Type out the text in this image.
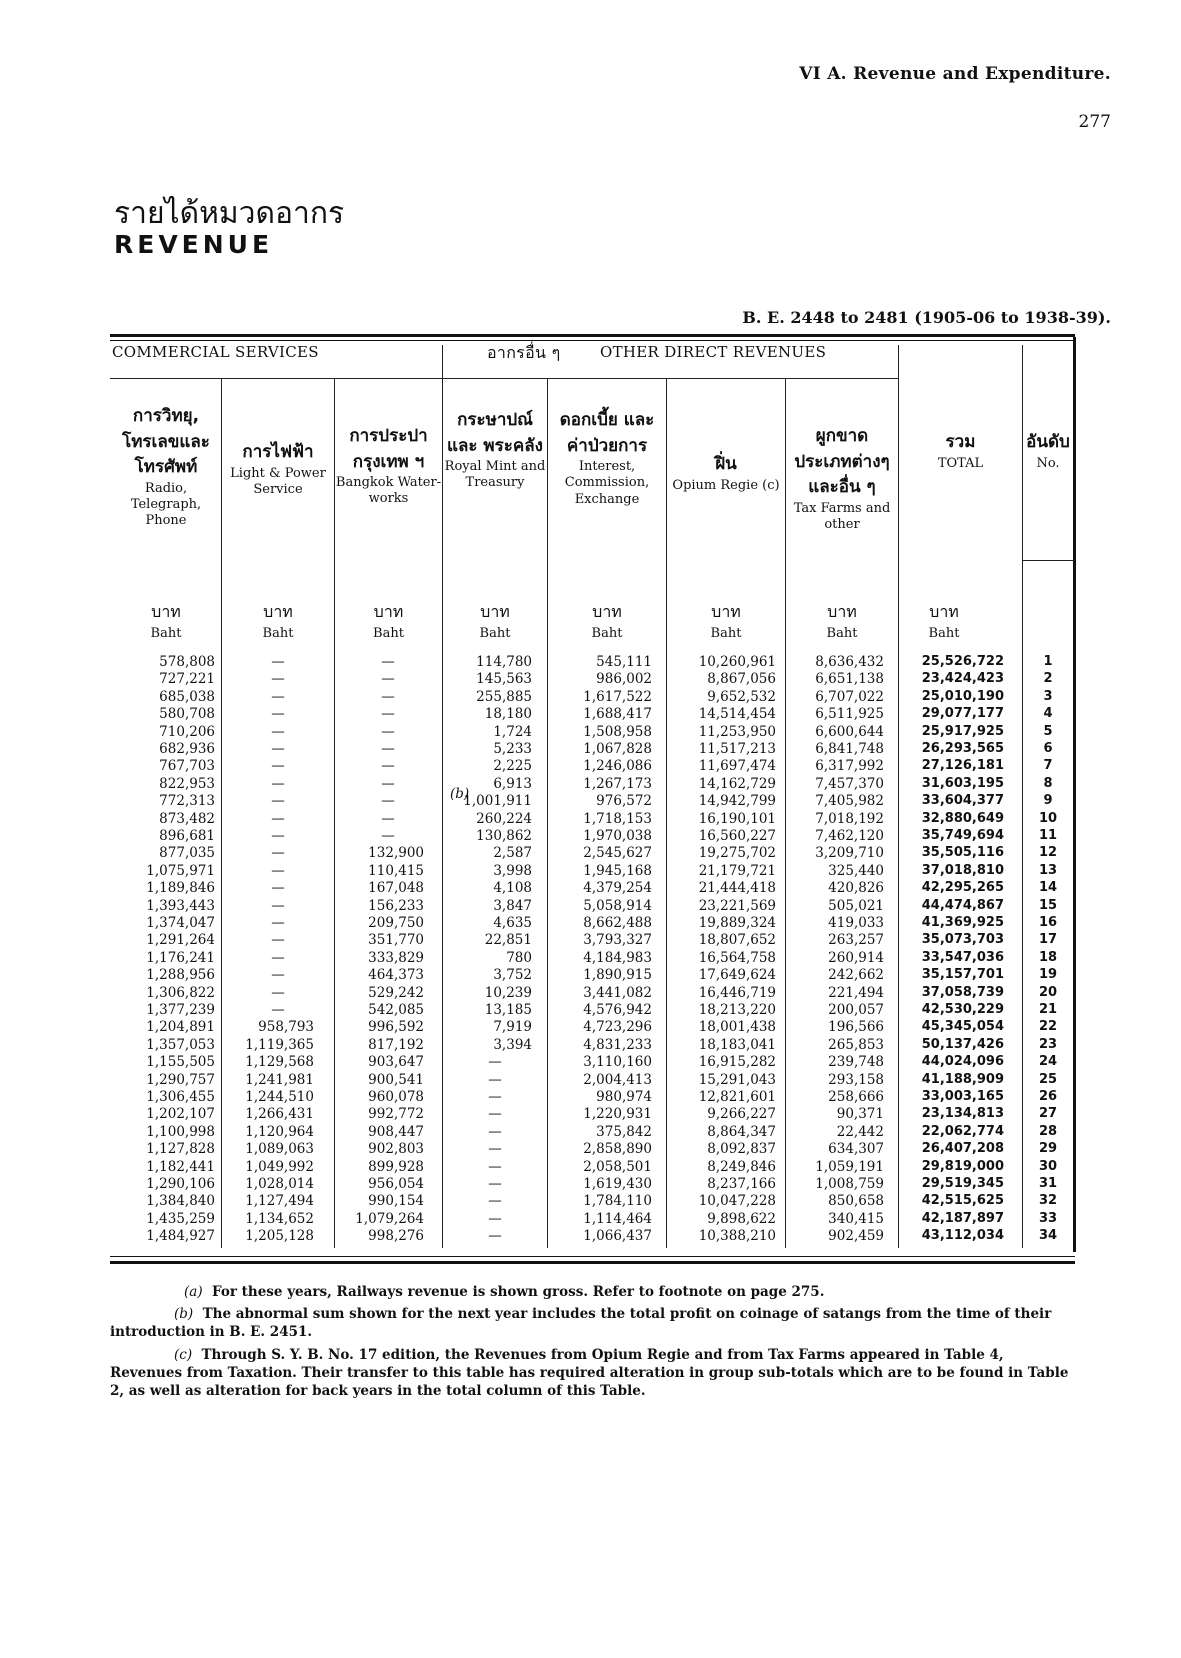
VI A. Revenue and Expenditure.
277
รายได้หมวดอากร
REVENUE
B. E. 2448 to 2481 (1905-06 to 1938-39).
COMMERCIAL SERVICES	อากรอื่น ๆ	OTHER DIRECT REVENUES
การวิทยุ, โทรเลขและ โทรศัพท์
Radio, Telegraph, Phone
การไฟฟ้า
Light & Power Service
การประปา กรุงเทพ ฯ
Bangkok Water-works
กระษาปณ์ และ พระคลัง
Royal Mint and Treasury
ดอกเบี้ย และ ค่าป่วยการ
Interest, Commission, Exchange
ฝิ่น
Opium Regie (c)
ผูกขาด ประเภทต่างๆ และอื่น ๆ
Tax Farms and other
รวม
TOTAL
อันดับ
No.
บาท
Baht
บาท
Baht
บาท
Baht
บาท
Baht
บาท
Baht
บาท
Baht
บาท
Baht
บาท
Baht
(b)
578,808	—	—	114,780	545,111	10,260,961	8,636,432	25,526,722	1
727,221	—	—	145,563	986,002	8,867,056	6,651,138	23,424,423	2
685,038	—	—	255,885	1,617,522	9,652,532	6,707,022	25,010,190	3
580,708	—	—	18,180	1,688,417	14,514,454	6,511,925	29,077,177	4
710,206	—	—	1,724	1,508,958	11,253,950	6,600,644	25,917,925	5
682,936	—	—	5,233	1,067,828	11,517,213	6,841,748	26,293,565	6
767,703	—	—	2,225	1,246,086	11,697,474	6,317,992	27,126,181	7
822,953	—	—	6,913	1,267,173	14,162,729	7,457,370	31,603,195	8
772,313	—	—	1,001,911	976,572	14,942,799	7,405,982	33,604,377	9
873,482	—	—	260,224	1,718,153	16,190,101	7,018,192	32,880,649	10
896,681	—	—	130,862	1,970,038	16,560,227	7,462,120	35,749,694	11
877,035	—	132,900	2,587	2,545,627	19,275,702	3,209,710	35,505,116	12
1,075,971	—	110,415	3,998	1,945,168	21,179,721	325,440	37,018,810	13
1,189,846	—	167,048	4,108	4,379,254	21,444,418	420,826	42,295,265	14
1,393,443	—	156,233	3,847	5,058,914	23,221,569	505,021	44,474,867	15
1,374,047	—	209,750	4,635	8,662,488	19,889,324	419,033	41,369,925	16
1,291,264	—	351,770	22,851	3,793,327	18,807,652	263,257	35,073,703	17
1,176,241	—	333,829	780	4,184,983	16,564,758	260,914	33,547,036	18
1,288,956	—	464,373	3,752	1,890,915	17,649,624	242,662	35,157,701	19
1,306,822	—	529,242	10,239	3,441,082	16,446,719	221,494	37,058,739	20
1,377,239	—	542,085	13,185	4,576,942	18,213,220	200,057	42,530,229	21
1,204,891	958,793	996,592	7,919	4,723,296	18,001,438	196,566	45,345,054	22
1,357,053	1,119,365	817,192	3,394	4,831,233	18,183,041	265,853	50,137,426	23
1,155,505	1,129,568	903,647	—	3,110,160	16,915,282	239,748	44,024,096	24
1,290,757	1,241,981	900,541	—	2,004,413	15,291,043	293,158	41,188,909	25
1,306,455	1,244,510	960,078	—	980,974	12,821,601	258,666	33,003,165	26
1,202,107	1,266,431	992,772	—	1,220,931	9,266,227	90,371	23,134,813	27
1,100,998	1,120,964	908,447	—	375,842	8,864,347	22,442	22,062,774	28
1,127,828	1,089,063	902,803	—	2,858,890	8,092,837	634,307	26,407,208	29
1,182,441	1,049,992	899,928	—	2,058,501	8,249,846	1,059,191	29,819,000	30
1,290,106	1,028,014	956,054	—	1,619,430	8,237,166	1,008,759	29,519,345	31
1,384,840	1,127,494	990,154	—	1,784,110	10,047,228	850,658	42,515,625	32
1,435,259	1,134,652	1,079,264	—	1,114,464	9,898,622	340,415	42,187,897	33
1,484,927	1,205,128	998,276	—	1,066,437	10,388,210	902,459	43,112,034	34
(a) For these years, Railways revenue is shown gross. Refer to footnote on page 275.
(b) The abnormal sum shown for the next year includes the total profit on coinage of satangs from the time of their introduction in B. E. 2451.
(c) Through S. Y. B. No. 17 edition, the Revenues from Opium Regie and from Tax Farms appeared in Table 4, Revenues from Taxation. Their transfer to this table has required alteration in group sub-totals which are to be found in Table 2, as well as alteration for back years in the total column of this Table.
